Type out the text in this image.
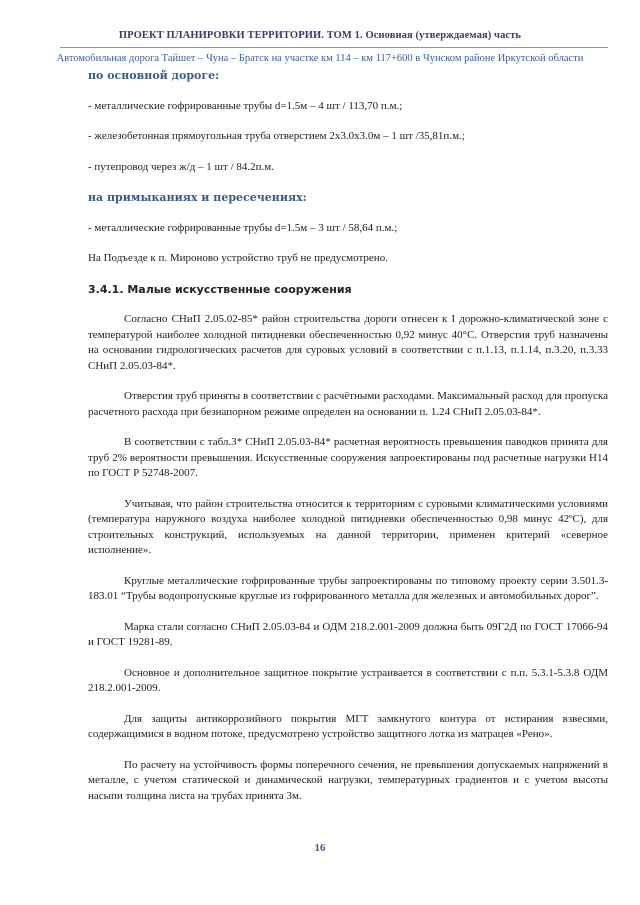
ПРОЕКТ ПЛАНИРОВКИ ТЕРРИТОРИИ. ТОМ 1. Основная (утверждаемая) часть
Автомобильная дорога Тайшет – Чуна – Братск на участке км 114 – км 117+600 в Чунском районе Иркутской области

по основной дороге:

- металлические гофрированные трубы d=1.5м – 4 шт / 113,70 п.м.;

- железобетонная прямоугольная труба отверстием 2х3.0х3.0м – 1 шт /35,81п.м.;

- путепровод через ж/д – 1 шт / 84.2п.м.

на примыканиях и пересечениях:

- металлические гофрированные трубы d=1.5м – 3 шт / 58,64 п.м.;

На Подъезде к п. Мироново устройство труб не предусмотрено.

3.4.1. Малые искусственные сооружения

Согласно СНиП 2.05.02-85* район строительства дороги отнесен к I дорожно-климатической зоне с температурой наиболее холодной пятидневки обеспеченностью 0,92 минус 40°С. Отверстия труб назначены на основании гидрологических расчетов для суровых условий в соответствии с п.1.13, п.1.14, п.3.20, п.3.33 СНиП 2.05.03-84*.

Отверстия труб приняты в соответствии с расчётными расходами. Максимальный расход для пропуска расчетного расхода при безнапорном режиме определен на основании п. 1.24 СНиП 2.05.03-84*.

В соответствии с табл.3* СНиП 2.05.03-84* расчетная вероятность превышения паводков принята для труб 2% вероятности превышения. Искусственные сооружения запроектированы под расчетные нагрузки Н14 по ГОСТ Р 52748-2007.

Учитывая, что район строительства относится к территориям с суровыми климатическими условиями (температура наружного воздуха наиболее холодной пятидневки обеспеченностью 0,98 минус 42ºС), для строительных конструкций, используемых на данной территории, применен критерий «северное исполнение».

Круглые металлические гофрированные трубы запроектированы по типовому проекту серии 3.501.3-183.01 “Трубы водопропускные круглые из гофрированного металла для железных и автомобильных дорог”.

Марка стали согласно СНиП 2.05.03-84 и ОДМ 218.2.001-2009 должна быть 09Г2Д по ГОСТ 17066-94 и ГОСТ 19281-89.

Основное и дополнительное защитное покрытие устраивается в соответствии с п.п. 5.3.1-5.3.8 ОДМ 218.2.001-2009.

Для защиты антикоррозийного покрытия МГТ замкнутого контура от истирания взвесями, содержащимися в водном потоке, предусмотрено устройство защитного лотка из матрацев «Рено».

По расчету на устойчивость формы поперечного сечения, не превышения допускаемых напряжений в металле, с учетом статической и динамической нагрузки, температурных градиентов и с учетом высоты насыпи толщина листа на трубах принята 3м.

16
